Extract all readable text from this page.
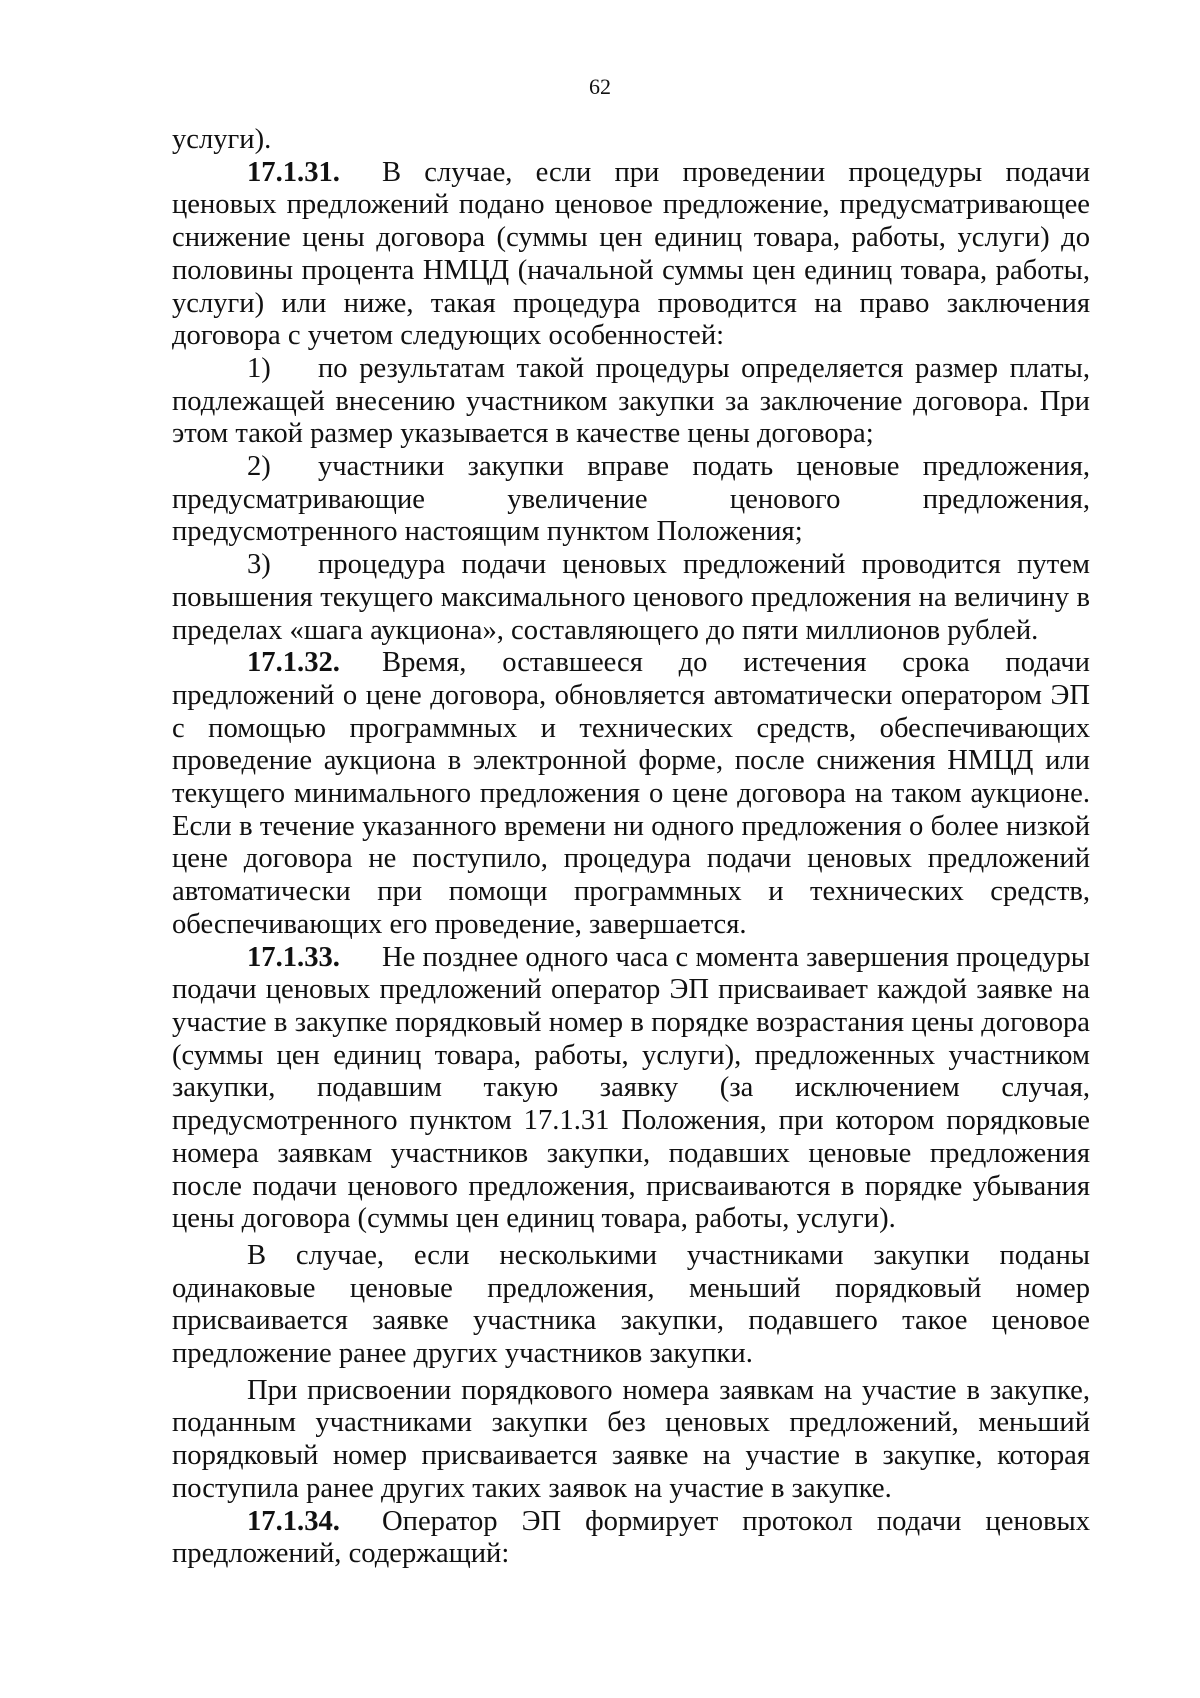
62

услуги).

17.1.31. В случае, если при проведении процедуры подачи ценовых предложений подано ценовое предложение, предусматривающее снижение цены договора (суммы цен единиц товара, работы, услуги) до половины процента НМЦД (начальной суммы цен единиц товара, работы, услуги) или ниже, такая процедура проводится на право заключения договора с учетом следующих особенностей:

1) по результатам такой процедуры определяется размер платы, подлежащей внесению участником закупки за заключение договора. При этом такой размер указывается в качестве цены договора;

2) участники закупки вправе подать ценовые предложения, предусматривающие увеличение ценового предложения, предусмотренного настоящим пунктом Положения;

3) процедура подачи ценовых предложений проводится путем повышения текущего максимального ценового предложения на величину в пределах «шага аукциона», составляющего до пяти миллионов рублей.

17.1.32. Время, оставшееся до истечения срока подачи предложений о цене договора, обновляется автоматически оператором ЭП с помощью программных и технических средств, обеспечивающих проведение аукциона в электронной форме, после снижения НМЦД или текущего минимального предложения о цене договора на таком аукционе. Если в течение указанного времени ни одного предложения о более низкой цене договора не поступило, процедура подачи ценовых предложений автоматически при помощи программных и технических средств, обеспечивающих его проведение, завершается.

17.1.33. Не позднее одного часа с момента завершения процедуры подачи ценовых предложений оператор ЭП присваивает каждой заявке на участие в закупке порядковый номер в порядке возрастания цены договора (суммы цен единиц товара, работы, услуги), предложенных участником закупки, подавшим такую заявку (за исключением случая, предусмотренного пунктом 17.1.31 Положения, при котором порядковые номера заявкам участников закупки, подавших ценовые предложения после подачи ценового предложения, присваиваются в порядке убывания цены договора (суммы цен единиц товара, работы, услуги).

В случае, если несколькими участниками закупки поданы одинаковые ценовые предложения, меньший порядковый номер присваивается заявке участника закупки, подавшего такое ценовое предложение ранее других участников закупки.

При присвоении порядкового номера заявкам на участие в закупке, поданным участниками закупки без ценовых предложений, меньший порядковый номер присваивается заявке на участие в закупке, которая поступила ранее других таких заявок на участие в закупке.

17.1.34. Оператор ЭП формирует протокол подачи ценовых предложений, содержащий:
